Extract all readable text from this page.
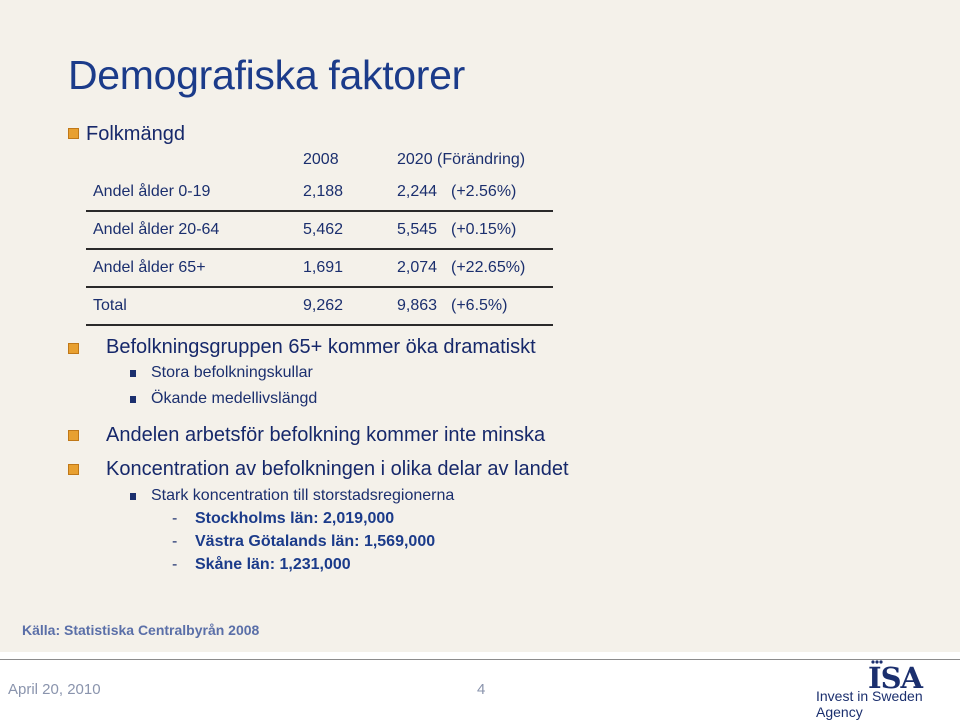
Demografiska faktorer
Folkmängd
	2008	2020 (Förändring)	
Andel ålder 0-19	2,188	2,244	(+2.56%)
Andel ålder 20-64	5,462	5,545	(+0.15%)
Andel ålder 65+	1,691	2,074	(+22.65%)
Total	9,262	9,863	(+6.5%)
Befolkningsgruppen 65+ kommer öka dramatiskt
Stora befolkningskullar
Ökande medellivslängd
Andelen arbetsför befolkning kommer inte minska
Koncentration av befolkningen i olika delar av landet
Stark koncentration till storstadsregionerna
- Stockholms län: 2,019,000
- Västra Götalands län: 1,569,000
- Skåne län: 1,231,000
Källa: Statistiska Centralbyrån 2008
April 20, 2010	4	ISA
Invest in Sweden Agency
